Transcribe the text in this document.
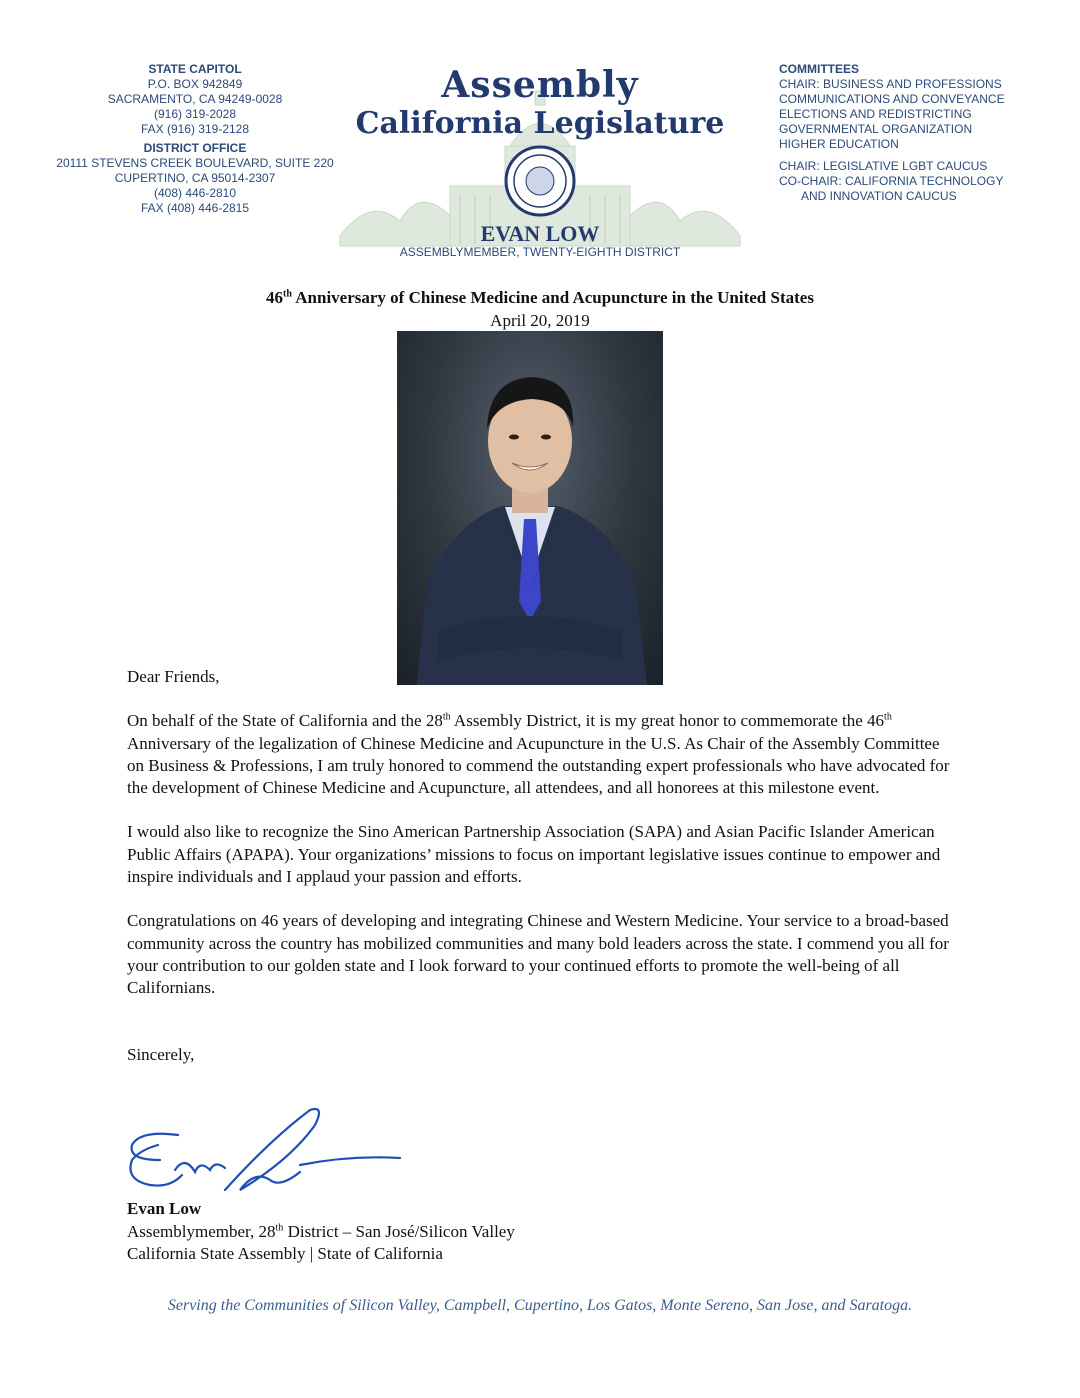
STATE CAPITOL
P.O. BOX 942849
SACRAMENTO, CA 94249-0028
(916) 319-2028
FAX (916) 319-2128
DISTRICT OFFICE
20111 STEVENS CREEK BOULEVARD, SUITE 220
CUPERTINO, CA 95014-2307
(408) 446-2810
FAX (408) 446-2815
Assembly
California Legislature
EVAN LOW
ASSEMBLYMEMBER, TWENTY-EIGHTH DISTRICT
COMMITTEES
CHAIR: BUSINESS AND PROFESSIONS
COMMUNICATIONS AND CONVEYANCE
ELECTIONS AND REDISTRICTING
GOVERNMENTAL ORGANIZATION
HIGHER EDUCATION
CHAIR: LEGISLATIVE LGBT CAUCUS
CO-CHAIR: CALIFORNIA TECHNOLOGY
AND INNOVATION CAUCUS
46th Anniversary of Chinese Medicine and Acupuncture in the United States
April 20, 2019

Dear Friends,

On behalf of the State of California and the 28th Assembly District, it is my great honor to commemorate the 46th Anniversary of the legalization of Chinese Medicine and Acupuncture in the U.S. As Chair of the Assembly Committee on Business & Professions, I am truly honored to commend the outstanding expert professionals who have advocated for the development of Chinese Medicine and Acupuncture, all attendees, and all honorees at this milestone event.

I would also like to recognize the Sino American Partnership Association (SAPA) and Asian Pacific Islander American Public Affairs (APAPA). Your organizations’ missions to focus on important legislative issues continue to empower and inspire individuals and I applaud your passion and efforts.

Congratulations on 46 years of developing and integrating Chinese and Western Medicine. Your service to a broad-based community across the country has mobilized communities and many bold leaders across the state. I commend you all for your contribution to our golden state and I look forward to your continued efforts to promote the well-being of all Californians.

Sincerely,

Evan Low
Assemblymember, 28th District – San José/Silicon Valley
California State Assembly | State of California
Serving the Communities of Silicon Valley, Campbell, Cupertino, Los Gatos, Monte Sereno, San Jose, and Saratoga.
